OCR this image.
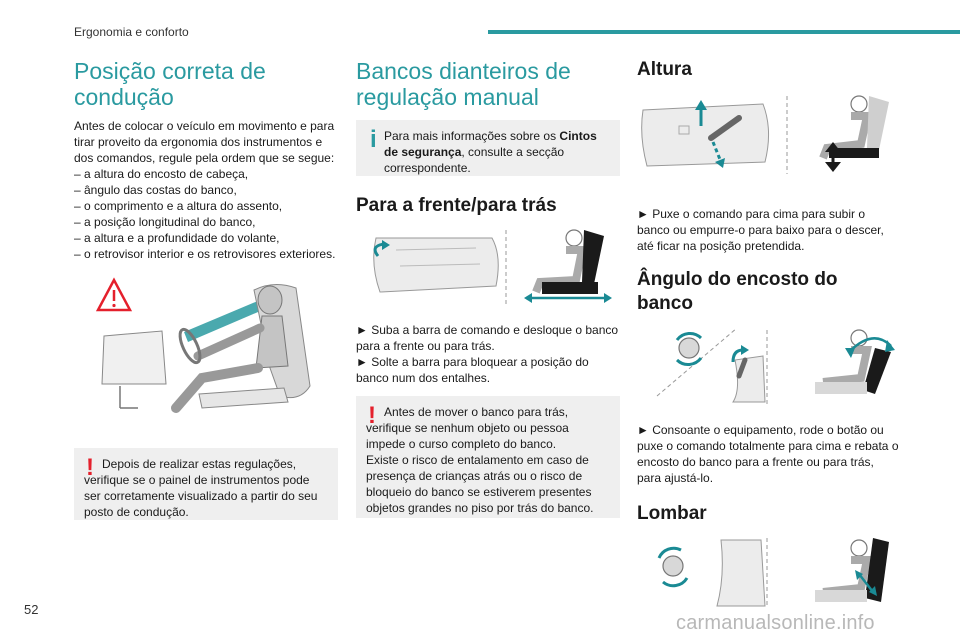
Ergonomia e conforto
Posição correta de condução

Antes de colocar o veículo em movimento e para tirar proveito da ergonomia dos instrumentos e dos comandos, regule pela ordem que se segue:

– a altura do encosto de cabeça,

– ângulo das costas do banco,

– o comprimento e a altura do assento,

– a posição longitudinal do banco,

– a altura e a profundidade do volante,

– o retrovisor interior e os retrovisores exteriores.

! Depois de realizar estas regulações,

verifique se o painel de instrumentos pode ser corretamente visualizado a partir do seu posto de condução.

Bancos dianteiros de regulação manual
i Para mais informações sobre os Cintos de segurança, consulte a secção correspondente.

Para a frente/para trás

► Suba a barra de comando e desloque o banco para a frente ou para trás.

► Solte a barra para bloquear a posição do banco num dos entalhes.

! Antes de mover o banco para trás,

verifique se nenhum objeto ou pessoa impede o curso completo do banco.

Existe o risco de entalamento em caso de presença de crianças atrás ou o risco de bloqueio do banco se estiverem presentes objetos grandes no piso por trás do banco.

Altura

► Puxe o comando para cima para subir o banco ou empurre-o para baixo para o descer, até ficar na posição pretendida.

Ângulo do encosto do banco

► Consoante o equipamento, rode o botão ou puxe o comando totalmente para cima e rebata o encosto do banco para a frente ou para trás, para ajustá-lo.

Lombar
52
carmanualsonline.info
